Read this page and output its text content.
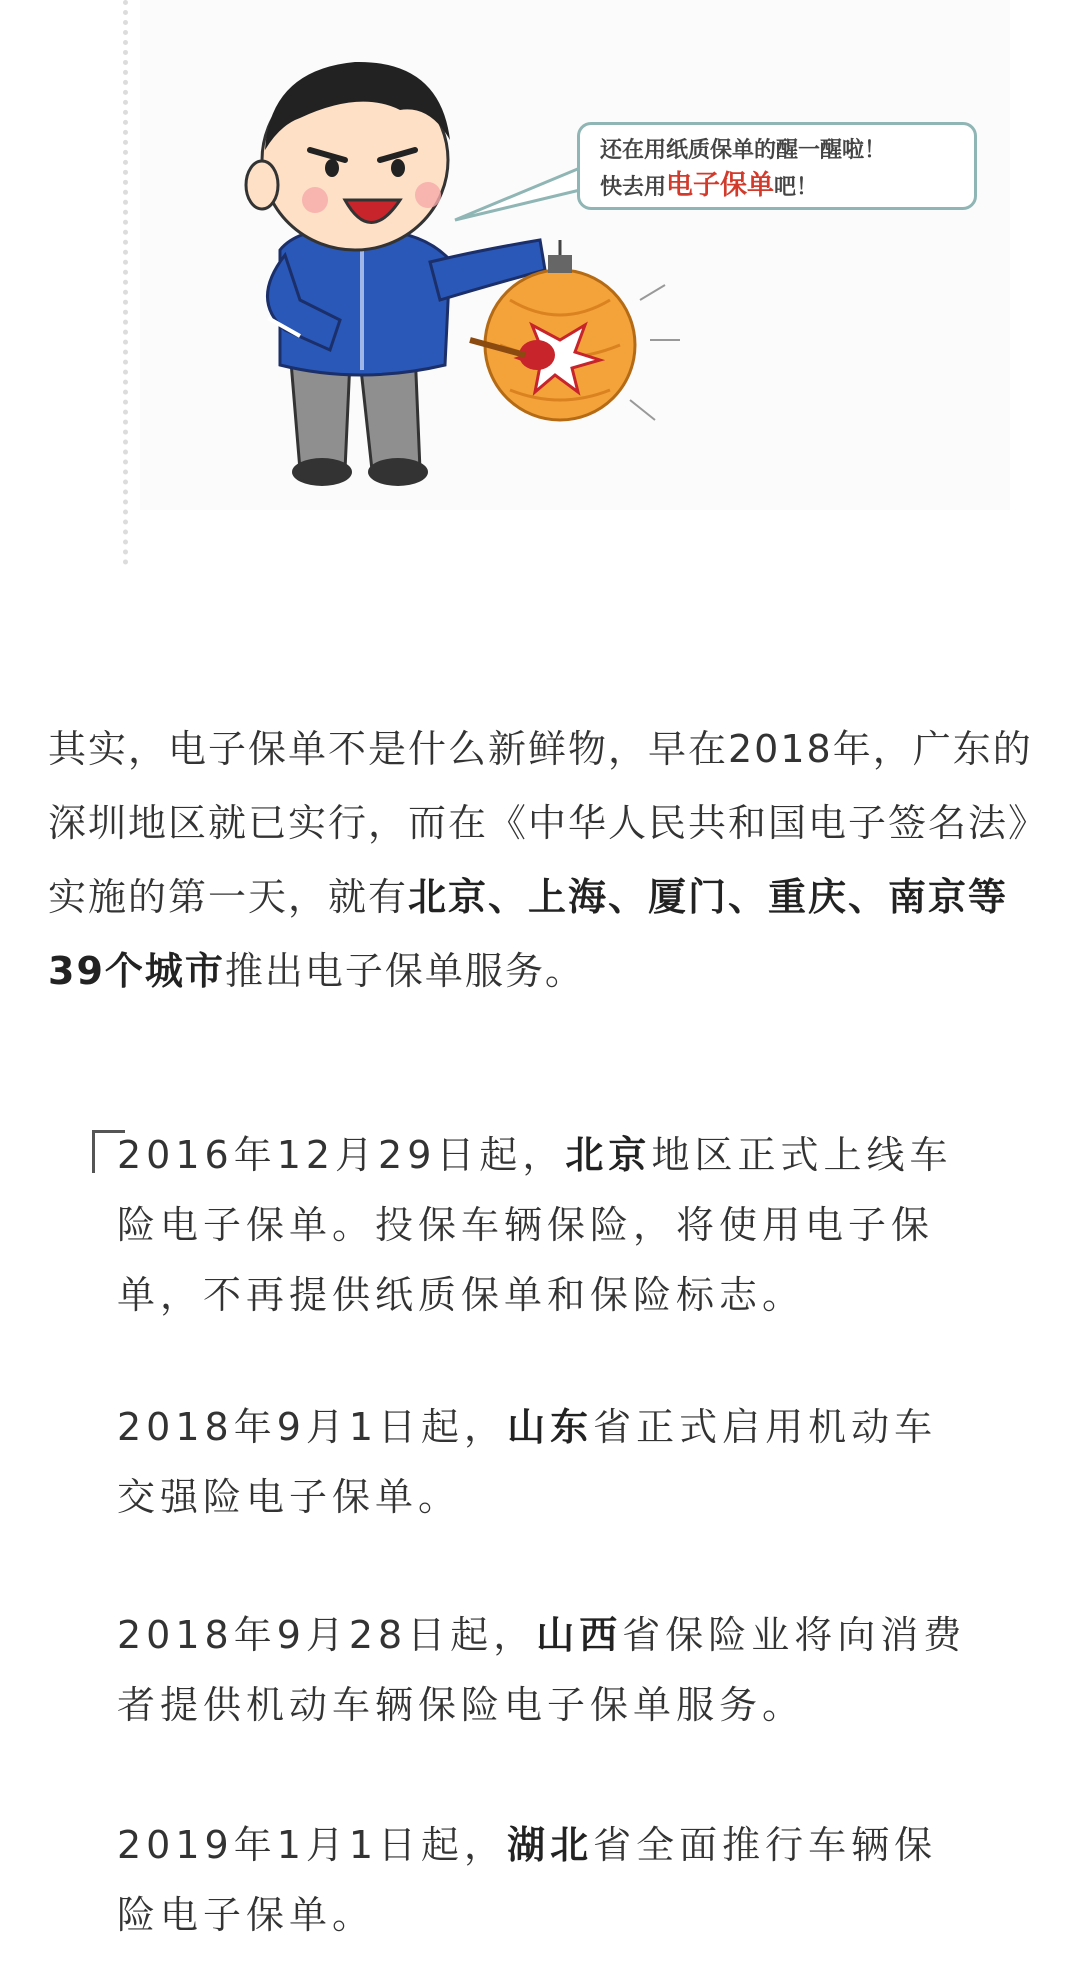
还在用纸质保单的醒一醒啦！
快去用电子保单吧！
其实，电子保单不是什么新鲜物，早在2018年，广东的深圳地区就已实行，而在《中华人民共和国电子签名法》实施的第一天，就有北京、上海、厦门、重庆、南京等39个城市推出电子保单服务。
2016年12月29日起，北京地区正式上线车险电子保单。投保车辆保险，将使用电子保单，不再提供纸质保单和保险标志。
2018年9月1日起，山东省正式启用机动车交强险电子保单。
2018年9月28日起，山西省保险业将向消费者提供机动车辆保险电子保单服务。
2019年1月1日起，湖北省全面推行车辆保险电子保单。
